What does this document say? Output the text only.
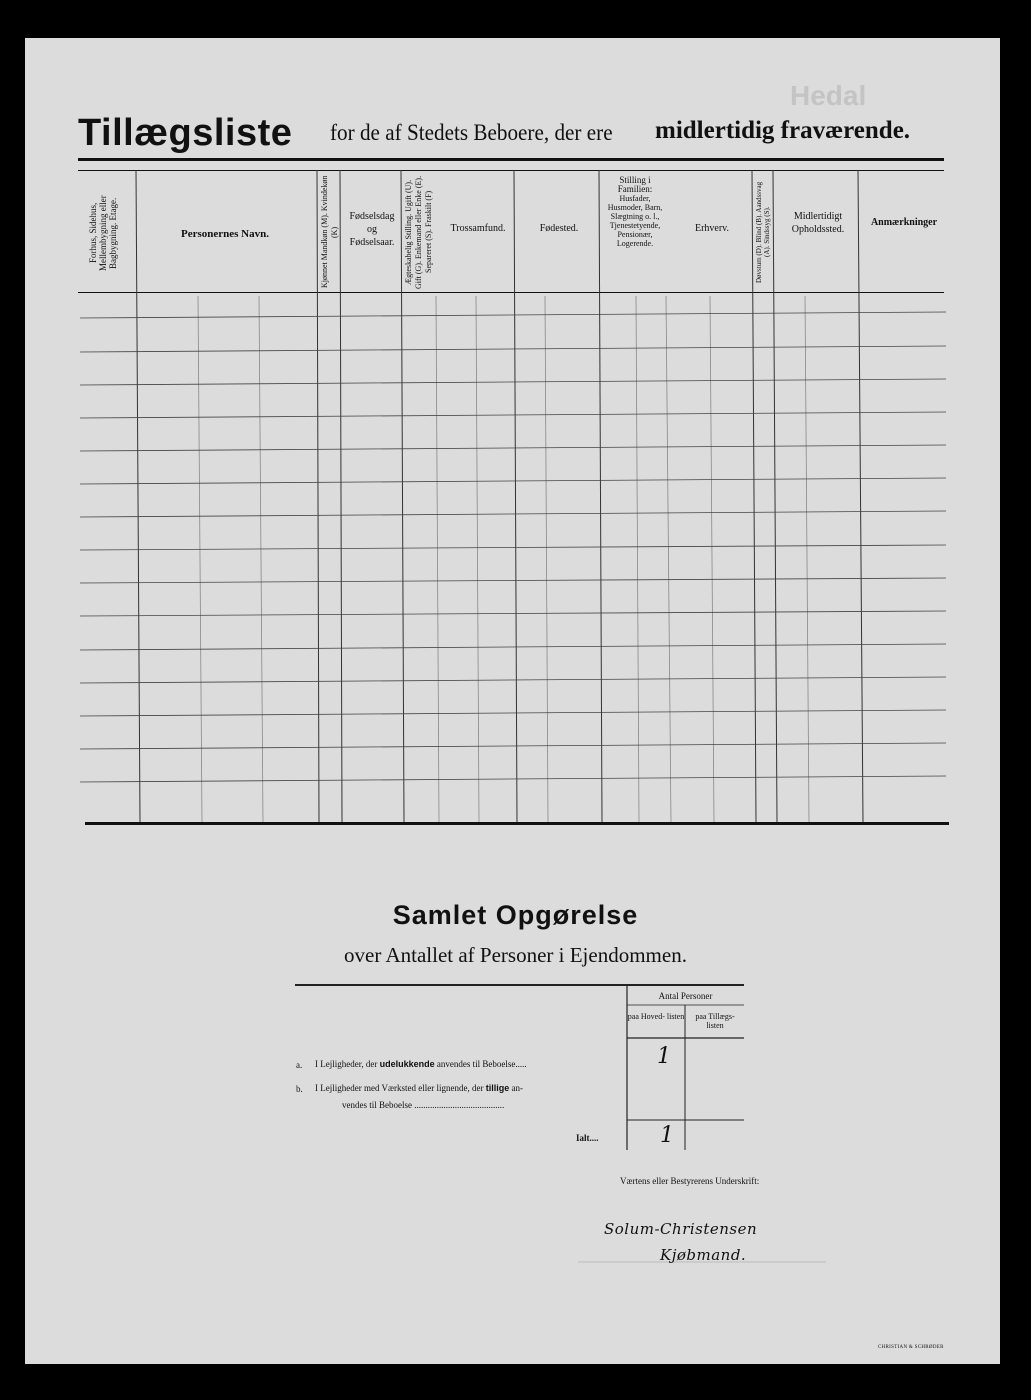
Hedal
Tillægsliste for de af Stedets Beboere, der ere midlertidig fraværende.
Forhus, Sidehus, Mellembygning eller Bagbygning. Etage.	Personernes Navn.	Kjønnet Mandkøn (M). Kvindekøn (K)
Fødselsdag
og
Fødselsaar.	Ægteskabelig Stilling. Ugift (U). Gift (G). Enkemand eller Enke (E). Separeret (S). Fraskilt (F)	Trossamfund.	Fødested.
Stilling i Familien:
Husfader, Husmoder, Barn, Slægtning o. l., Tjenestetyende, Pensionær, Logerende.
Erhverv.	Døvstum (D). Blind (B). Aandssvag (A). Sindssyg (S).	Midlertidigt
Opholdssted.
Anmærkninger
Samlet Opgørelse
over Antallet af Personer i Ejendommen.
Antal Personer
paa Hoved- listen	paa Tillægs- listen
a. I Lejligheder, der udelukkende anvendes til Beboelse.....	1
b. I Lejligheder med Værksted eller lignende, der tillige an-
vendes til Beboelse ........................................
Ialt....	1
Værtens eller Bestyrerens Underskrift:
Solum-Christensen
Kjøbmand.
CHRISTIAN & SCHRØDER
